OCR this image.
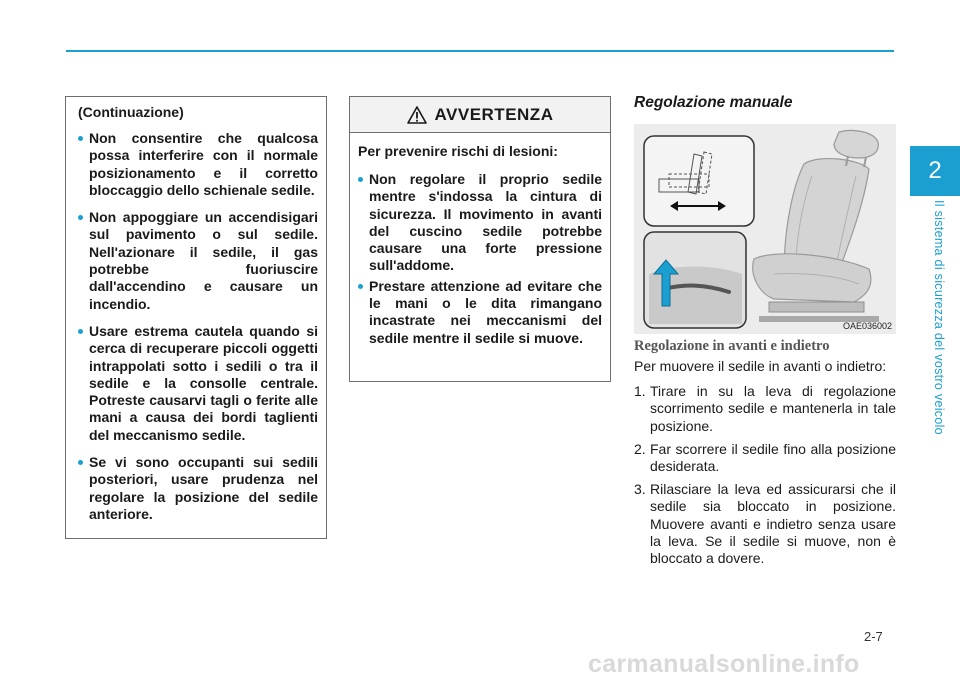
2
Il sistema di sicurezza del vostro veicolo
(Continuazione)
Non consentire che qualcosa possa interferire con il normale posizionamento e il corretto bloccaggio dello schienale sedile.
Non appoggiare un accendisigari sul pavimento o sul sedile. Nell'azionare il sedile, il gas potrebbe fuoriuscire dall'accendino e causare un incendio.
Usare estrema cautela quando si cerca di recuperare piccoli oggetti intrappolati sotto i sedili o tra il sedile e la consolle centrale. Potreste causarvi tagli o ferite alle mani a causa dei bordi taglienti del meccanismo sedile.
Se vi sono occupanti sui sedili posteriori, usare prudenza nel regolare la posizione del sedile anteriore.
AVVERTENZA
Per prevenire rischi di lesioni:
Non regolare il proprio sedile mentre s'indossa la cintura di sicurezza. Il movimento in avanti del cuscino sedile potrebbe causare una forte pressione sull'addome.
Prestare attenzione ad evitare che le mani o le dita rimangano incastrate nei meccanismi del sedile mentre il sedile si muove.
Regolazione manuale
OAE036002
Regolazione in avanti e indietro

Per muovere il sedile in avanti o indietro:

1. Tirare in su la leva di regolazione scorrimento sedile e mantenerla in tale posizione.
2. Far scorrere il sedile fino alla posizione desiderata.
3. Rilasciare la leva ed assicurarsi che il sedile sia bloccato in posizione. Muovere avanti e indietro senza usare la leva. Se il sedile si muove, non è bloccato a dovere.
2-7
carmanualsonline.info
